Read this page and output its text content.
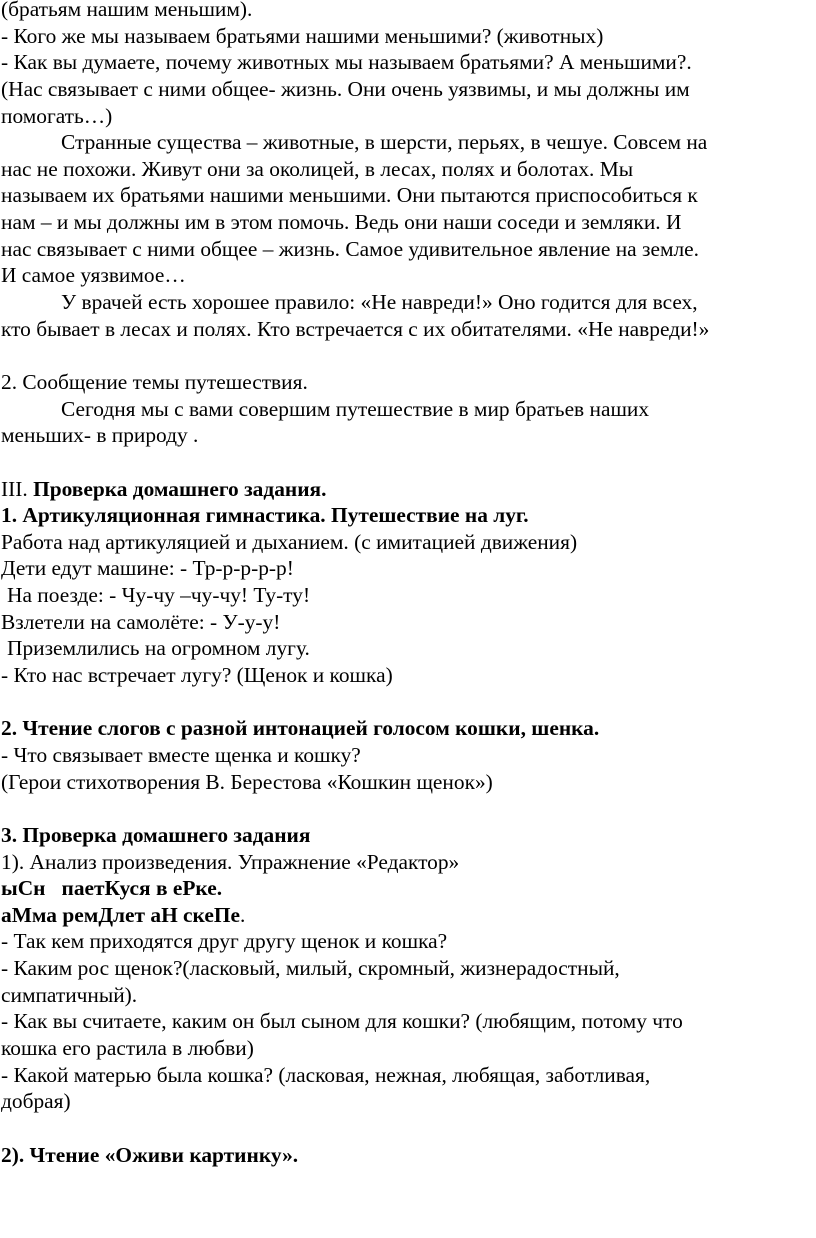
(братьям нашим меньшим).
- Кого же мы называем братьями нашими меньшими? (животных)
- Как вы думаете, почему животных мы называем братьями? А меньшими?.
(Нас связывает с ними общее- жизнь. Они очень уязвимы, и мы должны им
помогать…)
Странные существа – животные, в шерсти, перьях, в чешуе. Совсем на
нас не похожи. Живут они за околицей, в лесах, полях и болотах. Мы
называем их братьями нашими меньшими. Они пытаются приспособиться к
нам – и мы должны им в этом помочь. Ведь они наши соседи и земляки. И
нас связывает с ними общее – жизнь. Самое удивительное явление на земле.
И самое уязвимое…
У врачей есть хорошее правило: «Не навреди!» Оно годится для всех,
кто бывает в лесах и полях. Кто встречается с их обитателями. «Не навреди!»
2. Сообщение темы путешествия.
Сегодня мы с вами совершим путешествие в мир братьев наших
меньших- в природу .
III. Проверка домашнего задания.
1. Артикуляционная гимнастика. Путешествие на луг.
Работа над артикуляцией и дыханием. (с имитацией движения)
Дети едут машине: - Тр-р-р-р-р!
На поезде: - Чу-чу –чу-чу! Ту-ту!
Взлетели на самолёте: - У-у-у!
Приземлились на огромном лугу.
- Кто нас встречает лугу? (Щенок и кошка)
2. Чтение слогов с разной интонацией голосом кошки, шенка.
- Что связывает вместе щенка и кошку?
(Герои стихотворения В. Берестова «Кошкин щенок»)
3. Проверка домашнего задания
1). Анализ произведения. Упражнение «Редактор»
ыСн   паетКуся в еРке.
аМма ремДлет аН скеПе.
- Так кем приходятся друг другу щенок и кошка?
- Каким рос щенок?(ласковый, милый, скромный, жизнерадостный,
симпатичный).
- Как вы считаете, каким он был сыном для кошки? (любящим, потому что
кошка его растила в любви)
- Какой матерью была кошка? (ласковая, нежная, любящая, заботливая,
добрая)
2). Чтение «Оживи картинку».
